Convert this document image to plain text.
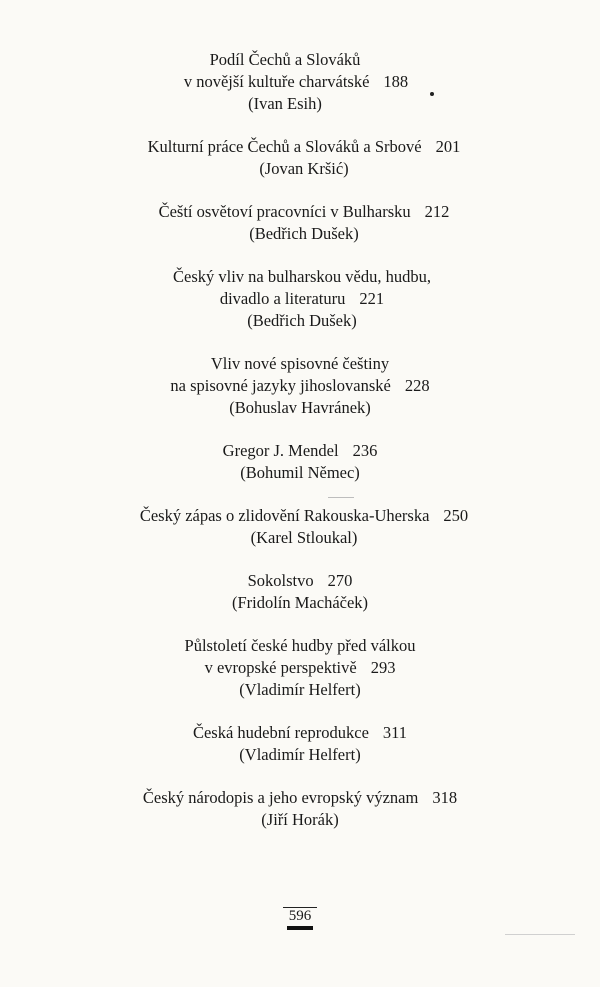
Podíl Čechů a Slováků
v novější kultuře charvátské 188
(Ivan Esih)
Kulturní práce Čechů a Slováků a Srbové 201
(Jovan Kršić)
Čeští osvětoví pracovníci v Bulharsku 212
(Bedřich Dušek)
Český vliv na bulharskou vědu, hudbu,
divadlo a literaturu 221
(Bedřich Dušek)
Vliv nové spisovné češtiny
na spisovné jazyky jihoslovanské 228
(Bohuslav Havránek)
Gregor J. Mendel 236
(Bohumil Němec)
Český zápas o zlidovění Rakouska-Uherska 250
(Karel Stloukal)
Sokolstvo 270
(Fridolín Macháček)
Půlstoletí české hudby před válkou
v evropské perspektivě 293
(Vladimír Helfert)
Česká hudební reprodukce 311
(Vladimír Helfert)
Český národopis a jeho evropský význam 318
(Jiří Horák)
596
